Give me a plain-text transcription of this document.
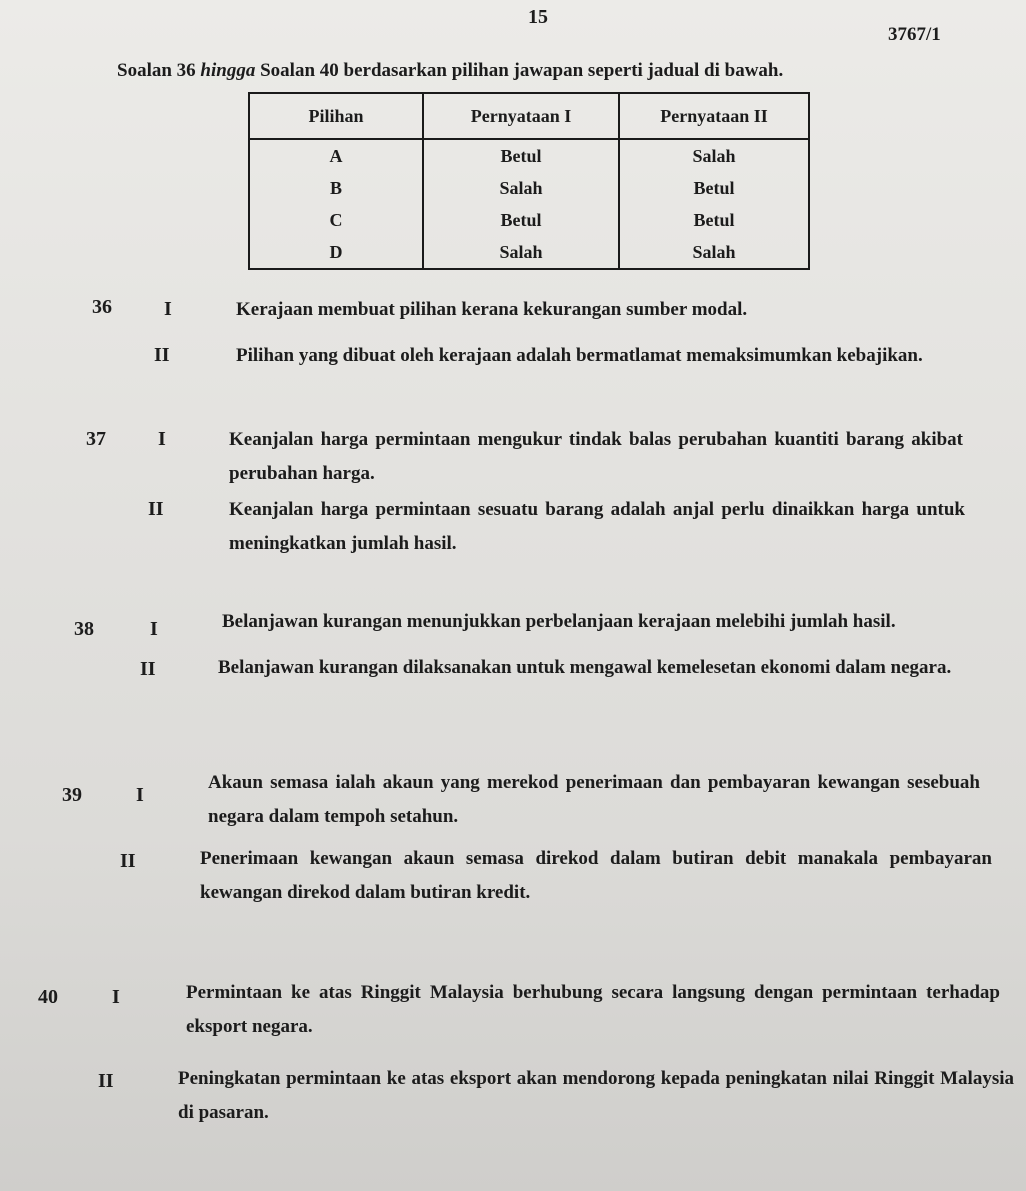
15
3767/1
Soalan 36 hingga Soalan 40 berdasarkan pilihan jawapan seperti jadual di bawah.
Pilihan	Pernyataan I	Pernyataan II
A	Betul	Salah
B	Salah	Betul
C	Betul	Betul
D	Salah	Salah
36	I	Kerajaan membuat pilihan kerana kekurangan sumber modal.
II	Pilihan yang dibuat oleh kerajaan adalah bermatlamat memaksimumkan kebajikan.
37	I	Keanjalan harga permintaan mengukur tindak balas perubahan kuantiti barang akibat perubahan harga.
II	Keanjalan harga permintaan sesuatu barang adalah anjal perlu dinaikkan harga untuk meningkatkan jumlah hasil.
38	I	Belanjawan kurangan menunjukkan perbelanjaan kerajaan melebihi jumlah hasil.
II	Belanjawan kurangan dilaksanakan untuk mengawal kemelesetan ekonomi dalam negara.
39	I
Akaun semasa ialah akaun yang merekod penerimaan dan pembayaran kewangan sesebuah negara dalam tempoh setahun.
II	Penerimaan kewangan akaun semasa direkod dalam butiran debit manakala pembayaran kewangan direkod dalam butiran kredit.
40	I	Permintaan ke atas Ringgit Malaysia berhubung secara langsung dengan permintaan terhadap eksport negara.
II	Peningkatan permintaan ke atas eksport akan mendorong kepada peningkatan nilai Ringgit Malaysia di pasaran.
